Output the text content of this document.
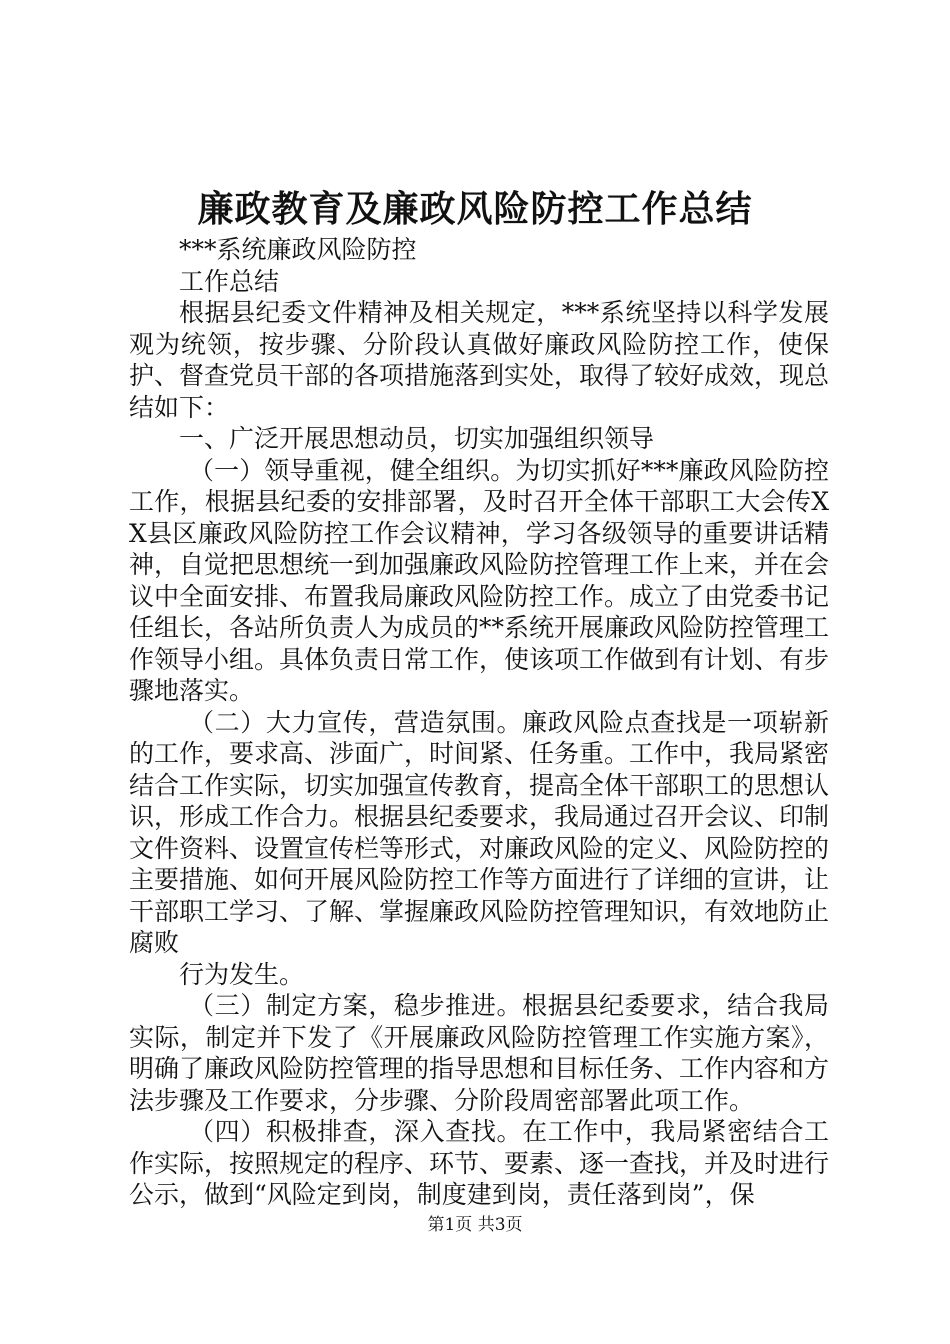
廉政教育及廉政风险防控工作总结

***系统廉政风险防控

工作总结

根据县纪委文件精神及相关规定，***系统坚持以科学发展观为统领，按步骤、分阶段认真做好廉政风险防控工作，使保护、督查党员干部的各项措施落到实处，取得了较好成效，现总结如下：

一、广泛开展思想动员，切实加强组织领导

（一）领导重视，健全组织。为切实抓好***廉政风险防控工作，根据县纪委的安排部署，及时召开全体干部职工大会传XX县区廉政风险防控工作会议精神，学习各级领导的重要讲话精神，自觉把思想统一到加强廉政风险防控管理工作上来，并在会议中全面安排、布置我局廉政风险防控工作。成立了由党委书记任组长，各站所负责人为成员的**系统开展廉政风险防控管理工作领导小组。具体负责日常工作，使该项工作做到有计划、有步骤地落实。

（二）大力宣传，营造氛围。廉政风险点查找是一项崭新的工作，要求高、涉面广，时间紧、任务重。工作中，我局紧密结合工作实际，切实加强宣传教育，提高全体干部职工的思想认识，形成工作合力。根据县纪委要求，我局通过召开会议、印制文件资料、设置宣传栏等形式，对廉政风险的定义、风险防控的主要措施、如何开展风险防控工作等方面进行了详细的宣讲，让干部职工学习、了解、掌握廉政风险防控管理知识，有效地防止腐败

行为发生。

（三）制定方案，稳步推进。根据县纪委要求，结合我局实际，制定并下发了《开展廉政风险防控管理工作实施方案》，明确了廉政风险防控管理的指导思想和目标任务、工作内容和方法步骤及工作要求，分步骤、分阶段周密部署此项工作。

（四）积极排查，深入查找。在工作中，我局紧密结合工作实际，按照规定的程序、环节、要素、逐一查找，并及时进行公示，做到“风险定到岗，制度建到岗，责任落到岗”，保

第1页 共3页
